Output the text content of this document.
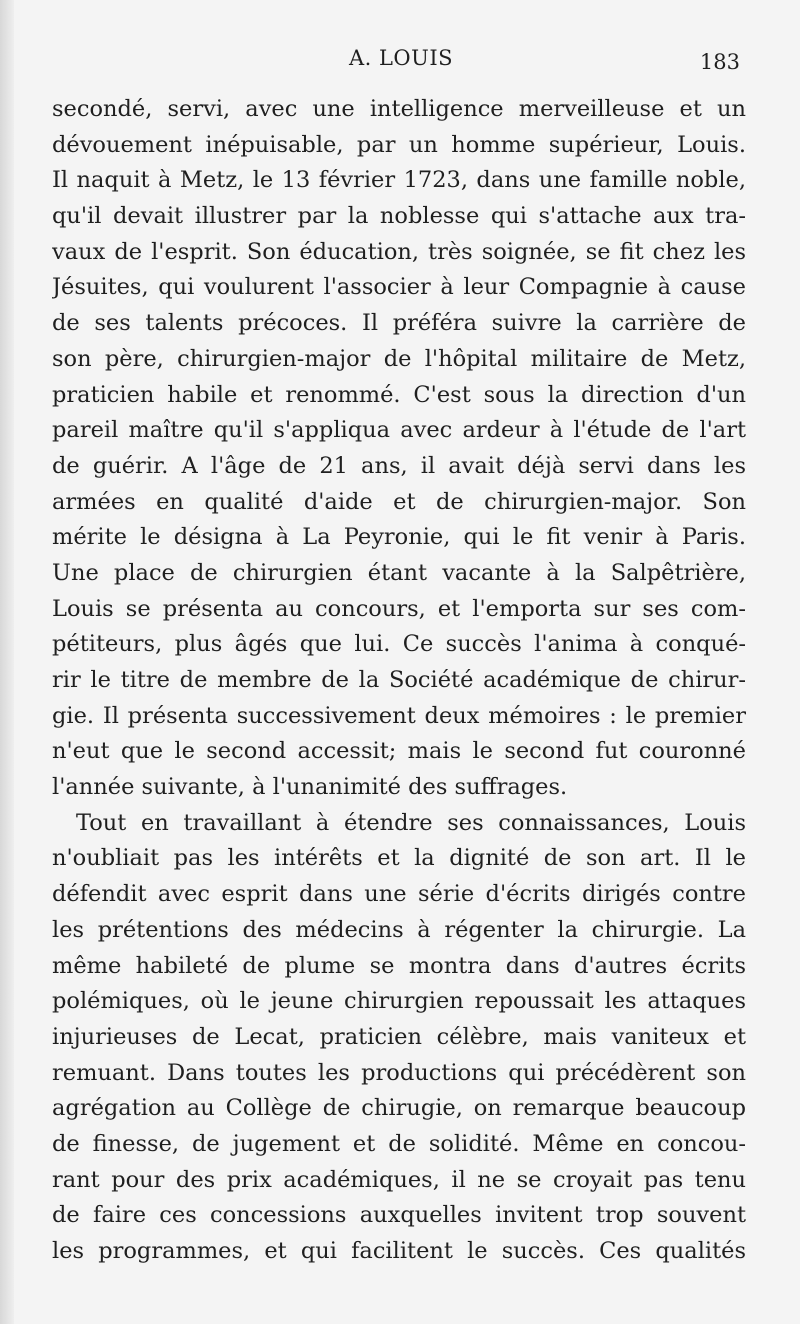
A. LOUIS	183
secondé, servi, avec une intelligence merveilleuse et un
dévouement inépuisable, par un homme supérieur, Louis.
Il naquit à Metz, le 13 février 1723, dans une famille noble,
qu'il devait illustrer par la noblesse qui s'attache aux tra-
vaux de l'esprit. Son éducation, très soignée, se fit chez les
Jésuites, qui voulurent l'associer à leur Compagnie à cause
de ses talents précoces. Il préféra suivre la carrière de
son père, chirurgien-major de l'hôpital militaire de Metz,
praticien habile et renommé. C'est sous la direction d'un
pareil maître qu'il s'appliqua avec ardeur à l'étude de l'art
de guérir. A l'âge de 21 ans, il avait déjà servi dans les
armées en qualité d'aide et de chirurgien-major. Son
mérite le désigna à La Peyronie, qui le fit venir à Paris.
Une place de chirurgien étant vacante à la Salpêtrière,
Louis se présenta au concours, et l'emporta sur ses com-
pétiteurs, plus âgés que lui. Ce succès l'anima à conqué-
rir le titre de membre de la Société académique de chirur-
gie. Il présenta successivement deux mémoires : le premier
n'eut que le second accessit; mais le second fut couronné
l'année suivante, à l'unanimité des suffrages.
Tout en travaillant à étendre ses connaissances, Louis
n'oubliait pas les intérêts et la dignité de son art. Il le
défendit avec esprit dans une série d'écrits dirigés contre
les prétentions des médecins à régenter la chirurgie. La
même habileté de plume se montra dans d'autres écrits
polémiques, où le jeune chirurgien repoussait les attaques
injurieuses de Lecat, praticien célèbre, mais vaniteux et
remuant. Dans toutes les productions qui précédèrent son
agrégation au Collège de chirugie, on remarque beaucoup
de finesse, de jugement et de solidité. Même en concou-
rant pour des prix académiques, il ne se croyait pas tenu
de faire ces concessions auxquelles invitent trop souvent
les programmes, et qui facilitent le succès. Ces qualités
